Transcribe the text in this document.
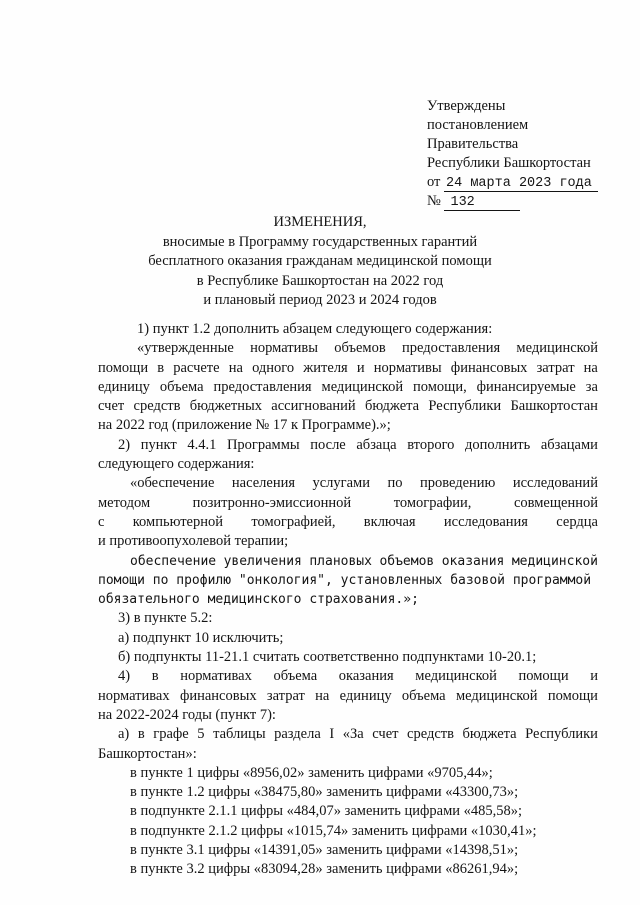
Утверждены
постановлением
Правительства
Республики Башкортостан
от 24 марта 2023 года
№ 132
ИЗМЕНЕНИЯ,
вносимые в Программу государственных гарантий
бесплатного оказания гражданам медицинской помощи
в Республике Башкортостан на 2022 год
и плановый период 2023 и 2024 годов
1) пункт 1.2 дополнить абзацем следующего содержания:
«утвержденные нормативы объемов предоставления медицинской
помощи в расчете на одного жителя и нормативы финансовых затрат на
единицу объема предоставления медицинской помощи, финансируемые за
счет средств бюджетных ассигнований бюджета Республики Башкортостан
на 2022 год (приложение № 17 к Программе).»;
2) пункт 4.4.1 Программы после абзаца второго дополнить абзацами
следующего содержания:
«обеспечение населения услугами по проведению исследований
методом	позитронно-эмиссионной	томографии,	совмещенной
с компьютерной томографией, включая исследования сердца
и противоопухолевой терапии;
обеспечение увеличения плановых объемов оказания медицинской
помощи по профилю "онкология", установленных базовой программой
обязательного медицинского страхования.»;
3) в пункте 5.2:
а) подпункт 10 исключить;
б) подпункты 11-21.1 считать соответственно подпунктами 10-20.1;
4) в нормативах объема оказания медицинской помощи и
нормативах финансовых затрат на единицу объема медицинской помощи
на 2022-2024 годы (пункт 7):
а) в графе 5 таблицы раздела I «За счет средств бюджета Республики
Башкортостан»:
в пункте 1 цифры «8956,02» заменить цифрами «9705,44»;
в пункте 1.2 цифры «38475,80» заменить цифрами «43300,73»;
в подпункте 2.1.1 цифры «484,07» заменить цифрами «485,58»;
в подпункте 2.1.2 цифры «1015,74» заменить цифрами «1030,41»;
в пункте 3.1 цифры «14391,05» заменить цифрами «14398,51»;
в пункте 3.2 цифры «83094,28» заменить цифрами «86261,94»;
